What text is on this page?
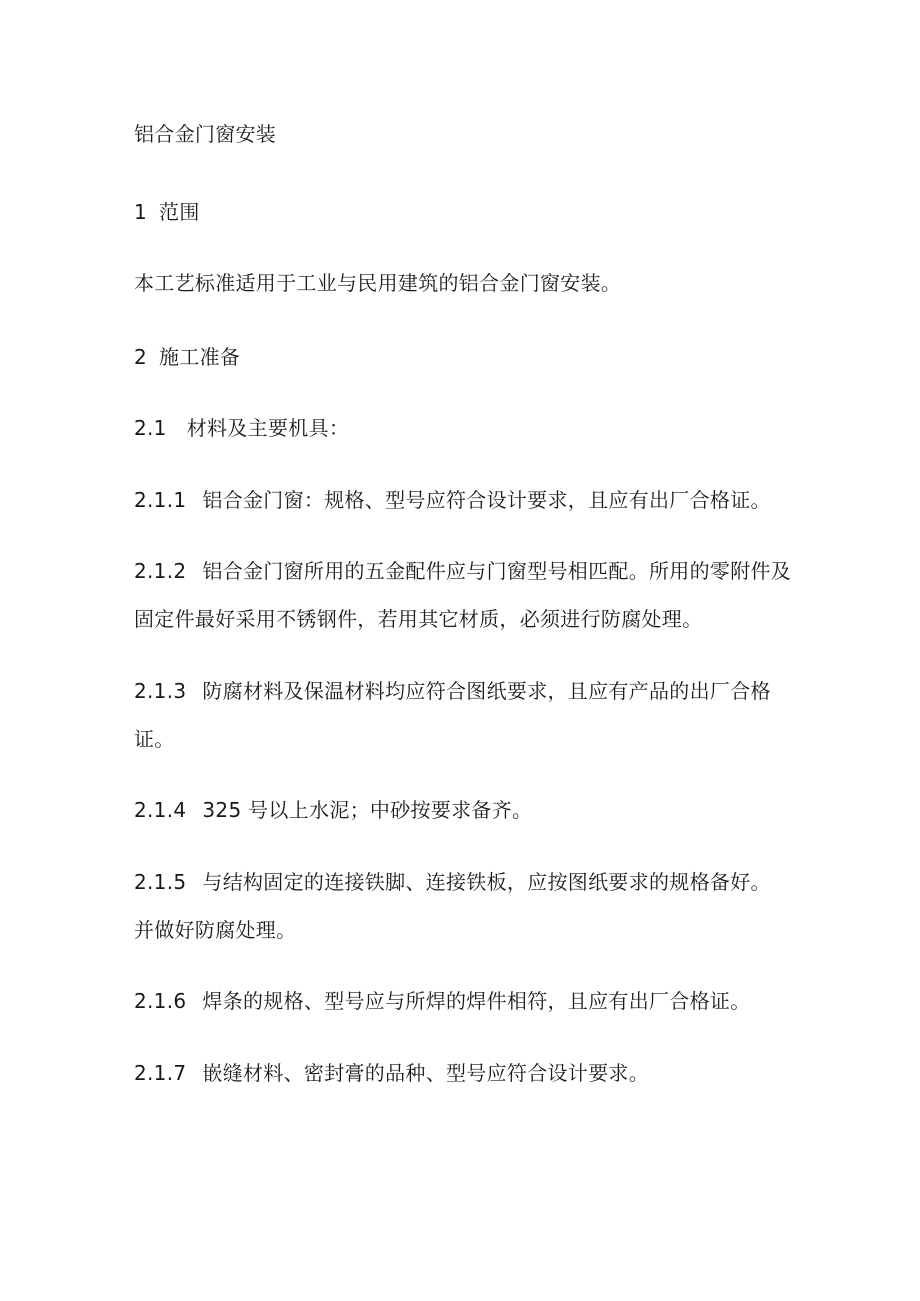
铝合金门窗安装
1 范围
本工艺标准适用于工业与民用建筑的铝合金门窗安装。
2 施工准备
2.1 材料及主要机具：
2.1.1 铝合金门窗：规格、型号应符合设计要求，且应有出厂合格证。
2.1.2 铝合金门窗所用的五金配件应与门窗型号相匹配。所用的零附件及
固定件最好采用不锈钢件，若用其它材质，必须进行防腐处理。
2.1.3 防腐材料及保温材料均应符合图纸要求，且应有产品的出厂合格
证。
2.1.4 325 号以上水泥；中砂按要求备齐。
2.1.5 与结构固定的连接铁脚、连接铁板，应按图纸要求的规格备好。
并做好防腐处理。
2.1.6 焊条的规格、型号应与所焊的焊件相符，且应有出厂合格证。
2.1.7 嵌缝材料、密封膏的品种、型号应符合设计要求。
